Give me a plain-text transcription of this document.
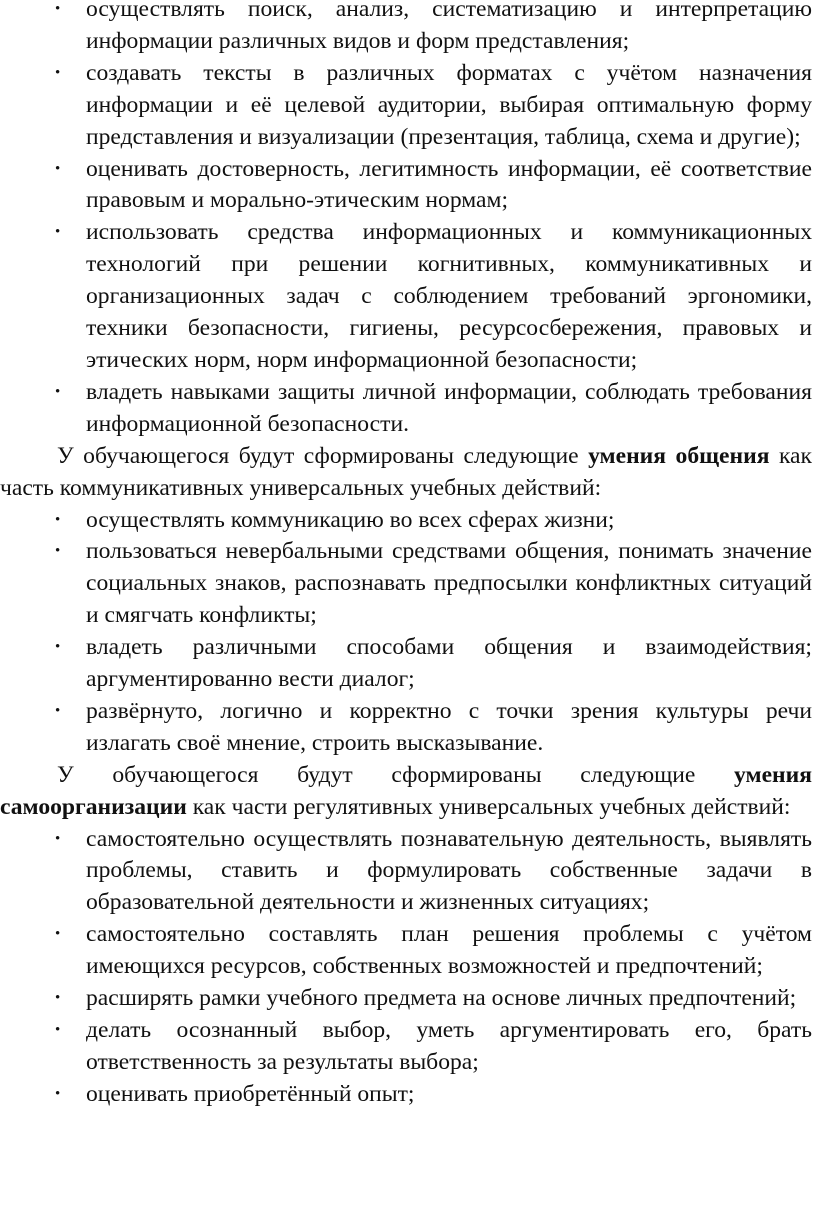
• осуществлять поиск, анализ, систематизацию и интерпретацию информации различных видов и форм представления;
• создавать тексты в различных форматах с учётом назначения информации и её целевой аудитории, выбирая оптимальную форму представления и визуализации (презентация, таблица, схема и другие);
• оценивать достоверность, легитимность информации, её соответствие правовым и морально-этическим нормам;
• использовать средства информационных и коммуникационных технологий при решении когнитивных, коммуникативных и организационных задач с соблюдением требований эргономики, техники безопасности, гигиены, ресурсосбережения, правовых и этических норм, норм информационной безопасности;
• владеть навыками защиты личной информации, соблюдать требования информационной безопасности.

У обучающегося будут сформированы следующие умения общения как часть коммуникативных универсальных учебных действий:

• осуществлять коммуникацию во всех сферах жизни;
• пользоваться невербальными средствами общения, понимать значение социальных знаков, распознавать предпосылки конфликтных ситуаций и смягчать конфликты;
• владеть различными способами общения и взаимодействия; аргументированно вести диалог;
• развёрнуто, логично и корректно с точки зрения культуры речи излагать своё мнение, строить высказывание.

У обучающегося будут сформированы следующие умения самоорганизации как части регулятивных универсальных учебных действий:

• самостоятельно осуществлять познавательную деятельность, выявлять проблемы, ставить и формулировать собственные задачи в образовательной деятельности и жизненных ситуациях;
• самостоятельно составлять план решения проблемы с учётом имеющихся ресурсов, собственных возможностей и предпочтений;
• расширять рамки учебного предмета на основе личных предпочтений;
• делать осознанный выбор, уметь аргументировать его, брать ответственность за результаты выбора;
• оценивать приобретённый опыт;
